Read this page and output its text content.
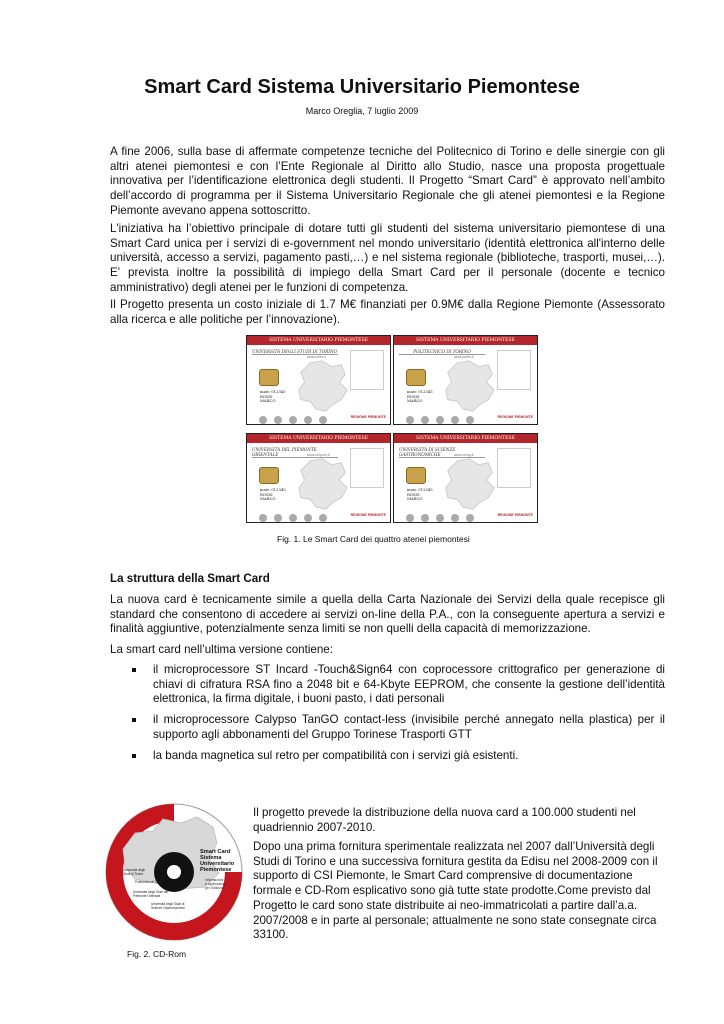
Smart Card Sistema Universitario Piemontese
Marco Oreglia, 7 luglio 2009

A fine 2006, sulla base di affermate competenze tecniche del Politecnico di Torino e delle sinergie con gli altri atenei piemontesi e con l’Ente Regionale al Diritto allo Studio, nasce una proposta progettuale innovativa per l’identificazione elettronica degli studenti. Il Progetto “Smart Card” è approvato nell’ambito dell’accordo di programma per il Sistema Universitario Regionale che gli atenei piemontesi e la Regione Piemonte avevano appena sottoscritto.

L'iniziativa ha l’obiettivo principale di dotare tutti gli studenti del sistema universitario piemontese di una Smart Card unica per i servizi di e-government nel mondo universitario (identità elettronica all'interno delle università, accesso a servizi, pagamento pasti,…) e nel sistema regionale (biblioteche, trasporti, musei,…). E' prevista inoltre la possibilità di impiego della Smart Card per il personale (docente e tecnico amministrativo) degli atenei per le funzioni di competenza.

Il Progetto presenta un costo iniziale di 1.7 M€ finanziati per 0.9M€ dalla Regione Piemonte (Assessorato alla ricerca e alle politiche per l’innovazione).

SISTEMA UNIVERSITARIO PIEMONTESE
UNIVERSITÀ DEGLI STUDI DI TORINO
www.unito.it
matr. 012345
ROSSI
MARCO
REGIONE PIEMONTE
SISTEMA UNIVERSITARIO PIEMONTESE
POLITECNICO DI TORINO
www.polito.it
matr. 012345
ROSSI
MARCO
REGIONE PIEMONTE
SISTEMA UNIVERSITARIO PIEMONTESE
UNIVERSITÀ DEL PIEMONTE ORIENTALE	www.unipmn.it
matr. 012345
ROSSI
MARCO
REGIONE PIEMONTE
SISTEMA UNIVERSITARIO PIEMONTESE
UNIVERSITÀ DI SCIENZE GASTRONOMICHE	www.unisg.it
matr. 012345
ROSSI
MARCO
REGIONE PIEMONTE
Fig. 1. Le Smart Card dei quattro atenei piemontesi
La struttura della Smart Card

La nuova card è tecnicamente simile a quella della Carta Nazionale dei Servizi della quale recepisce gli standard che consentono di accedere ai servizi on-line della P.A., con la conseguente apertura a servizi e finalità aggiuntive, potenzialmente senza limiti se non quelli della capacità di memorizzazione.

La smart card nell’ultima versione contiene:

il microprocessore ST Incard -Touch&Sign64 con coprocessore crittografico per generazione di chiavi di cifratura RSA fino a 2048 bit e 64-Kbyte EEPROM, che consente la gestione dell’identità elettronica, la firma digitale, i buoni pasto, i dati personali
il microprocessore Calypso TanGO contact-less (invisibile perché annegato nella plastica) per il supporto agli abbonamenti del Gruppo Torinese Trasporti GTT
la banda magnetica sul retro per compatibilità con i servizi già esistenti.
Smart Card Sistema Universitario Piemontese
informazioni e applicazioni per l’utilizzo
Università degli Studi di Torino Politecnico di Torino Università degli Studi del Piemonte Orientale Università degli Studi di Scienze Gastronomiche
Fig. 2. CD-Rom

Il progetto prevede la distribuzione della nuova card a 100.000 studenti nel quadriennio 2007-2010.

Dopo una prima fornitura sperimentale realizzata nel 2007 dall’Università degli Studi di Torino e una successiva fornitura gestita da Edisu nel 2008-2009 con il supporto di CSI Piemonte, le Smart Card comprensive di documentazione formale e CD-Rom esplicativo sono già tutte state prodotte.Come previsto dal Progetto le card sono state distribuite ai neo-immatricolati a partire dall’a.a. 2007/2008 e in parte al personale; attualmente ne sono state consegnate circa 33100.
